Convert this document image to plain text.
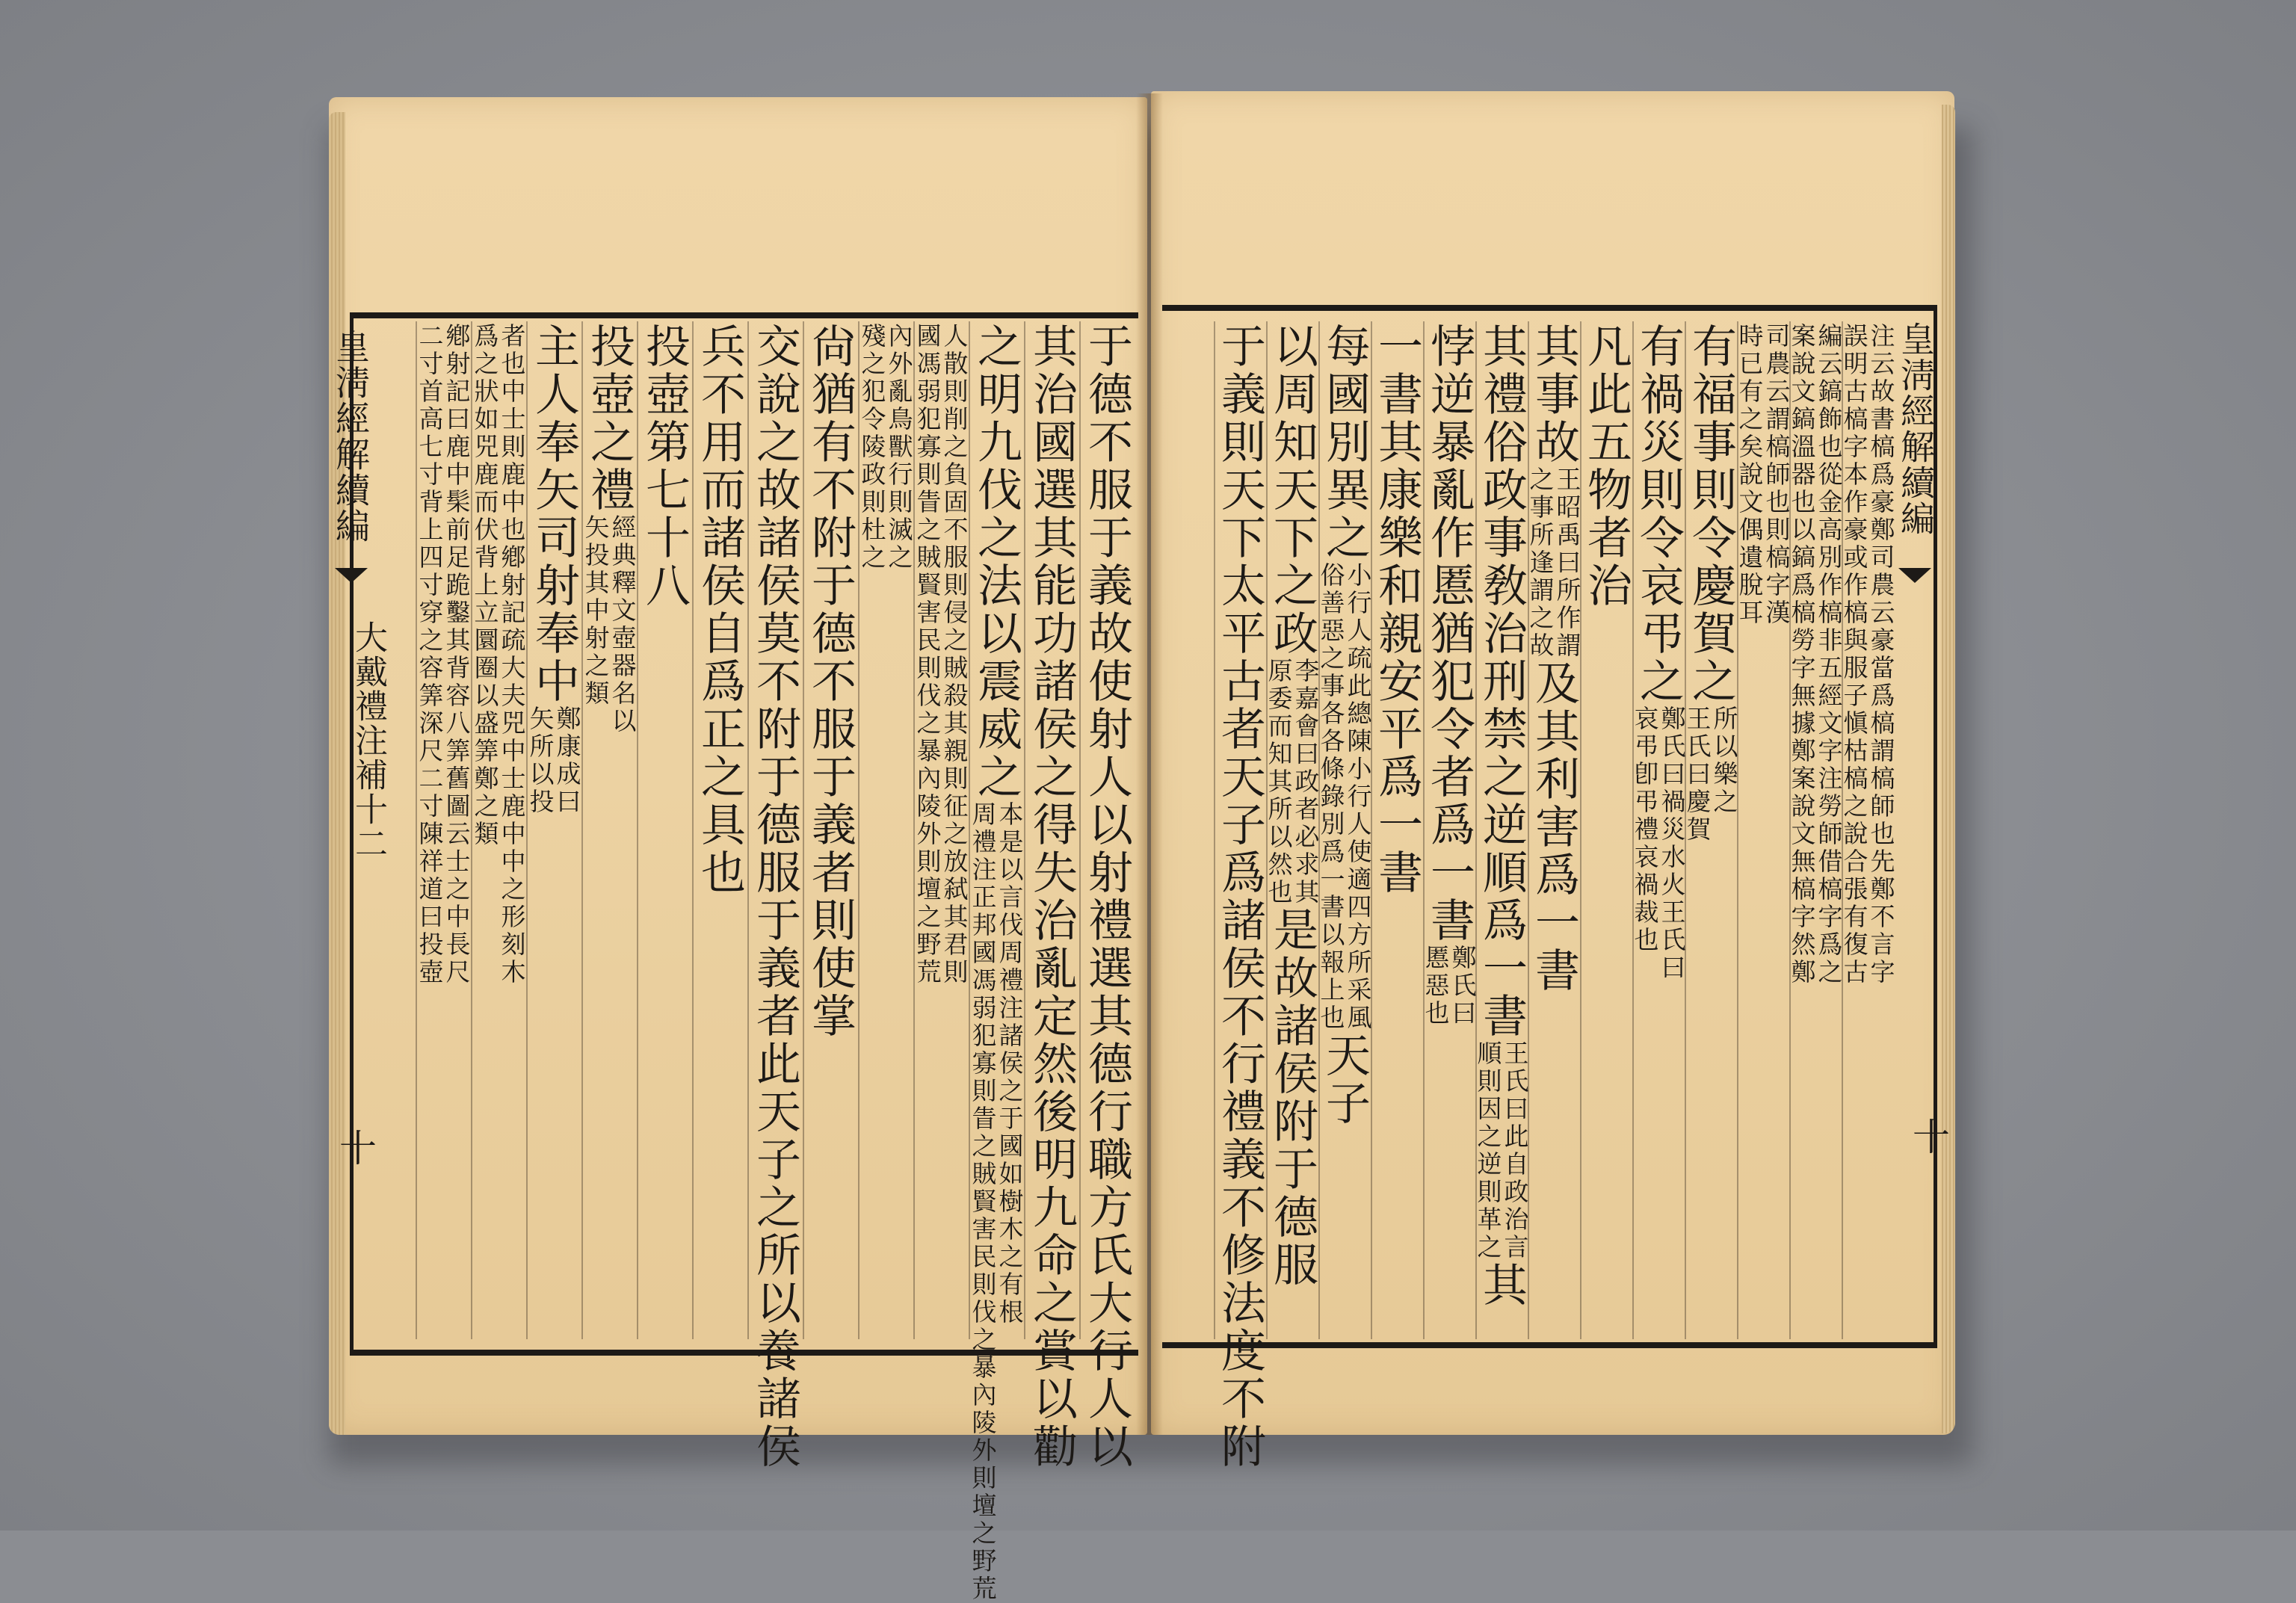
皇淸經解續編
大戴禮注補十二
十
皇淸經解續編
十
于德不服于義故使射人以射禮選其德行職方氏大行人以
其治國選其能功諸侯之得失治亂定然後明九命之賞以勸
之明九伐之法以震威之
本是以言伐周禮注諸侯之于國如樹木之有根
周禮注正邦國馮弱犯寡則眚之賊賢害民則伐之暴內陵外則壇之野荒
人散則削之負固不服則侵之賊殺其親則征之放弑其君則
國馮弱犯寡則眚之賊賢害民則伐之暴內陵外則壇之野荒
內外亂鳥獸行則滅之
殘之犯令陵政則杜之
尙猶有不附于德不服于義者則使掌
交說之故諸侯莫不附于德服于義者此天子之所以養諸侯
兵不用而諸侯自爲正之具也
投壺第七十八
投壺之禮
經典釋文壺器名以
矢投其中射之類
主人奉矢司射奉中
鄭康成曰
矢所以投
者也中士則鹿中也鄕射記疏大夫兕中士鹿中中之形刻木
爲之狀如兕鹿而伏背上立圜圈以盛筭鄭之類
鄕射記曰鹿中髤前足跪鑿其背容八筭舊圖云士之中長尺
二寸首高七寸背上四寸穿之容筭深尺二寸陳祥道曰投壺	注云故書槁爲豪鄭司農云豪當爲槁謂槁師也先鄭不言字
誤明古槁字本作豪或作槁與服子愼枯槁之說合張有復古
編云鎬飾也從金高別作槁非五經文字注勞師借槁字爲之
案說文鎬溫器也以鎬爲槁勞字無據鄭案說文無槁字然鄭
司農云謂槁師也則槁字漢
時已有之矣說文偶遺脫耳
有福事則令慶賀之
所以樂之
王氏曰慶賀
有禍災則令哀弔之
鄭氏曰禍災水火王氏曰
哀弔卽弔禮哀禍裁也
凡此五物者治
其事故
王昭禹曰所作謂
之事所逢謂之故
及其利害爲一書
其禮俗政事敎治刑禁之逆順爲一書
王氏曰此自政治言
順則因之逆則革之
其
悖逆暴亂作慝猶犯令者爲一書
鄭氏曰
慝惡也
一書其康樂和親安平爲一書
每國別異之
小行人疏此總陳小行人使適四方所采風
俗善惡之事各各條錄別爲一書以報上也
天子
以周知天下之政
李嘉會曰政者必求其
原委而知其所以然也
是故諸侯附于德服
于義則天下太平古者天子爲諸侯不行禮義不修法度不附
